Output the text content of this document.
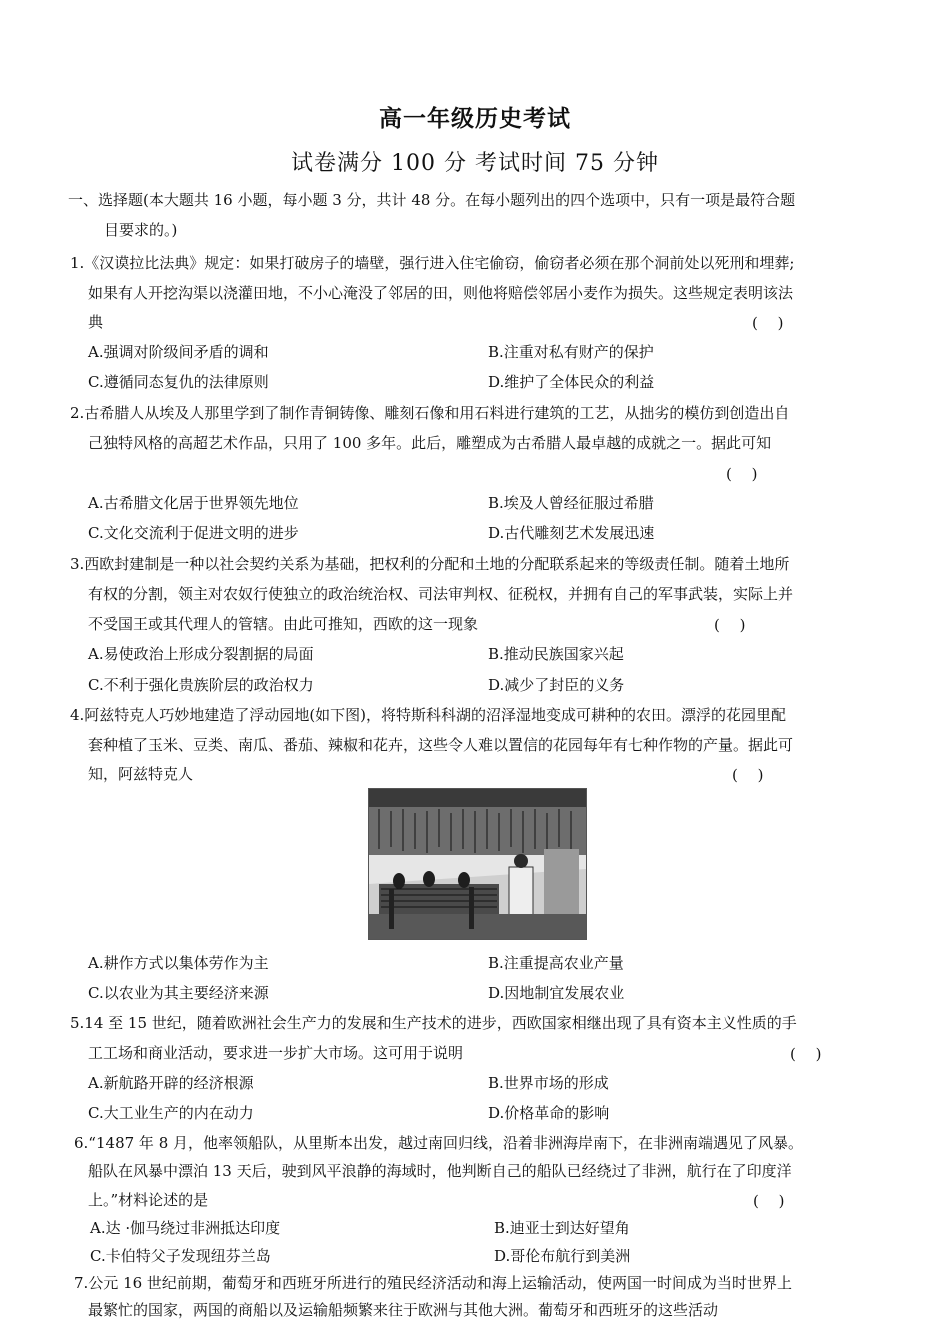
高一年级历史考试
试卷满分 100 分 考试时间 75 分钟
一、选择题(本大题共 16 小题，每小题 3 分，共计 48 分。在每小题列出的四个选项中，只有一项是最符合题
目要求的。)
1.《汉谟拉比法典》规定：如果打破房子的墙壁，强行进入住宅偷窃，偷窃者必须在那个洞前处以死刑和埋葬;
如果有人开挖沟渠以浇灌田地，不小心淹没了邻居的田，则他将赔偿邻居小麦作为损失。这些规定表明该法
典	(　 )
A.强调对阶级间矛盾的调和	B.注重对私有财产的保护
C.遵循同态复仇的法律原则	D.维护了全体民众的利益
2.古希腊人从埃及人那里学到了制作青铜铸像、雕刻石像和用石料进行建筑的工艺，从拙劣的模仿到创造出自
己独特风格的高超艺术作品，只用了 100 多年。此后，雕塑成为古希腊人最卓越的成就之一。据此可知
(　 )
A.古希腊文化居于世界领先地位	B.埃及人曾经征服过希腊
C.文化交流利于促进文明的进步	D.古代雕刻艺术发展迅速
3.西欧封建制是一种以社会契约关系为基础，把权利的分配和土地的分配联系起来的等级责任制。随着土地所
有权的分割，领主对农奴行使独立的政治统治权、司法审判权、征税权，并拥有自己的军事武装，实际上并
不受国王或其代理人的管辖。由此可推知，西欧的这一现象	(　 )
A.易使政治上形成分裂割据的局面	B.推动民族国家兴起
C.不利于强化贵族阶层的政治权力	D.减少了封臣的义务
4.阿兹特克人巧妙地建造了浮动园地(如下图)，将特斯科科湖的沼泽湿地变成可耕种的农田。漂浮的花园里配
套种植了玉米、豆类、南瓜、番茄、辣椒和花卉，这些令人难以置信的花园每年有七种作物的产量。据此可
知，阿兹特克人	(　 )
A.耕作方式以集体劳作为主	B.注重提高农业产量
C.以农业为其主要经济来源	D.因地制宜发展农业
5.14 至 15 世纪，随着欧洲社会生产力的发展和生产技术的进步，西欧国家相继出现了具有资本主义性质的手
工工场和商业活动，要求进一步扩大市场。这可用于说明	(　 )
A.新航路开辟的经济根源	B.世界市场的形成
C.大工业生产的内在动力	D.价格革命的影响
6.“1487 年 8 月，他率领船队，从里斯本出发，越过南回归线，沿着非洲海岸南下，在非洲南端遇见了风暴。
船队在风暴中漂泊 13 天后，驶到风平浪静的海域时，他判断自己的船队已经绕过了非洲，航行在了印度洋
上。”材料论述的是	(　 )
A.达 ·伽马绕过非洲抵达印度	B.迪亚士到达好望角
C.卡伯特父子发现纽芬兰岛	D.哥伦布航行到美洲
7.公元 16 世纪前期，葡萄牙和西班牙所进行的殖民经济活动和海上运输活动，使两国一时间成为当时世界上
最繁忙的国家，两国的商船以及运输船频繁来往于欧洲与其他大洲。葡萄牙和西班牙的这些活动
